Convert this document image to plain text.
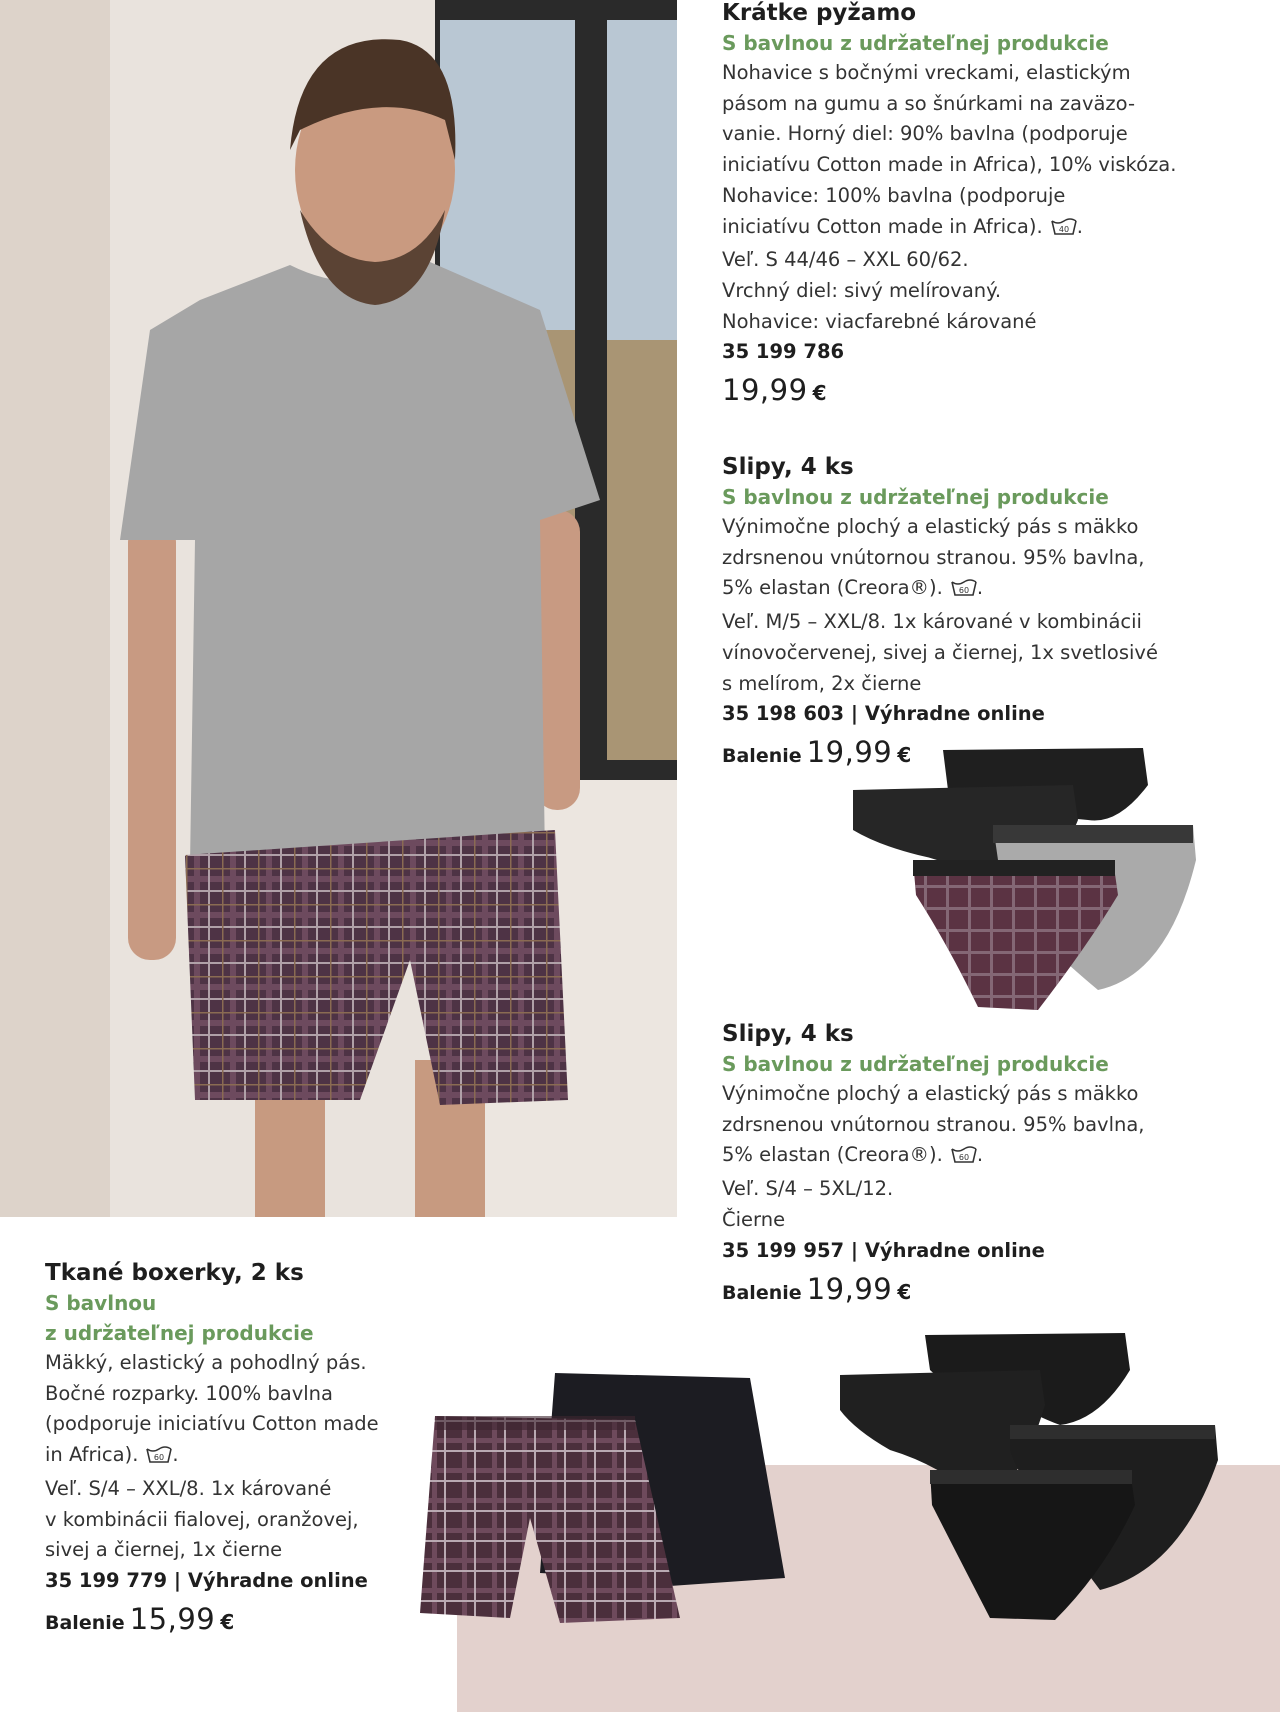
Krátke pyžamo
S bavlnou z udržateľnej produkcie
Nohavice s bočnými vreckami, elastickým
pásom na gumu a so šnúrkami na zaväzo-
vanie. Horný diel: 90% bavlna (podporuje
iniciatívu Cotton made in Africa), 10% viskóza.
Nohavice: 100% bavlna (podporuje
iniciatívu Cotton made in Africa). 40 .
Veľ. S 44/46 – XXL 60/62.
Vrchný diel: sivý melírovaný.
Nohavice: viacfarebné kárované
35 199 786
19,99 €
Slipy, 4 ks
S bavlnou z udržateľnej produkcie
Výnimočne plochý a elastický pás s mäkko
zdrsnenou vnútornou stranou. 95% bavlna,
5% elastan (Creora®). 60 .
Veľ. M/5 – XXL/8. 1x kárované v kombinácii
vínovočervenej, sivej a čiernej, 1x svetlosivé
s melírom, 2x čierne
35 198 603 | Výhradne online
Balenie 19,99 €
Slipy, 4 ks
S bavlnou z udržateľnej produkcie
Výnimočne plochý a elastický pás s mäkko
zdrsnenou vnútornou stranou. 95% bavlna,
5% elastan (Creora®). 60 .
Veľ. S/4 – 5XL/12.
Čierne
35 199 957 | Výhradne online
Balenie 19,99 €
Tkané boxerky, 2 ks
S bavlnou
z udržateľnej produkcie
Mäkký, elastický a pohodlný pás.
Bočné rozparky. 100% bavlna
(podporuje iniciatívu Cotton made
in Africa). 60 .
Veľ. S/4 – XXL/8. 1x kárované
v kombinácii fialovej, oranžovej,
sivej a čiernej, 1x čierne
35 199 779 | Výhradne online
Balenie 15,99 €
